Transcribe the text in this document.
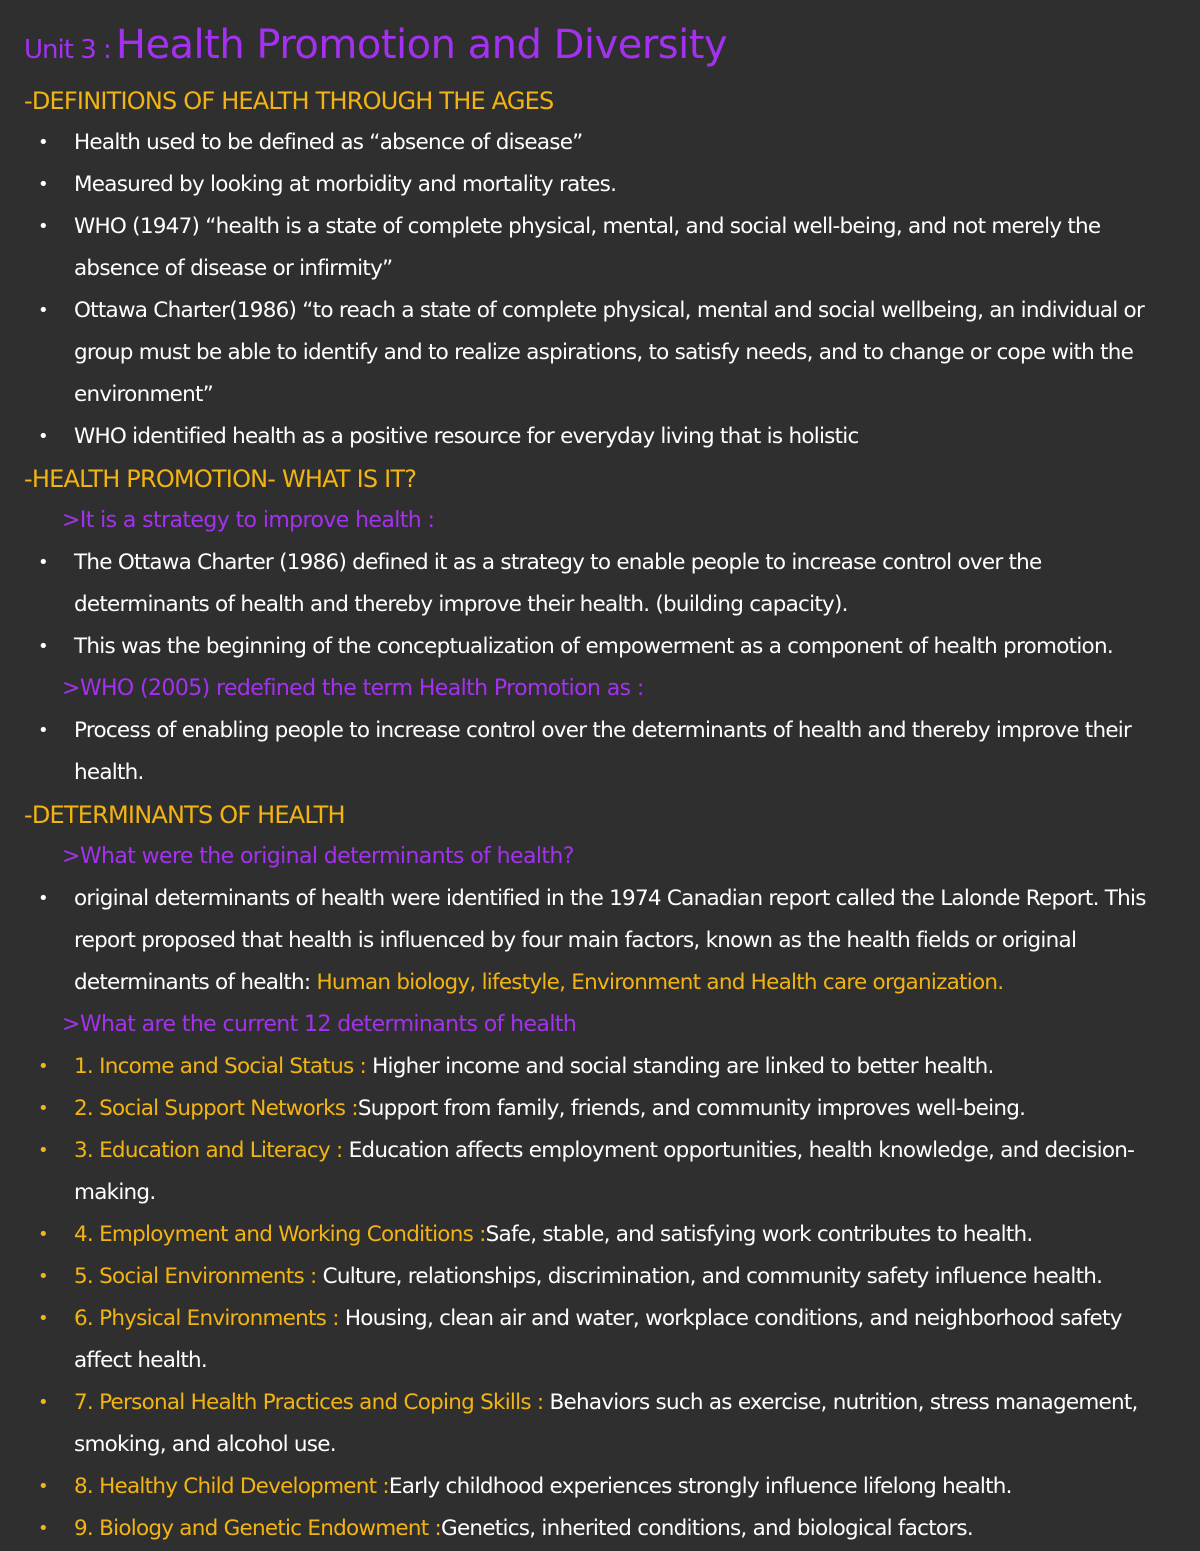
Unit 3 :
Health Promotion and Diversity
-DEFINITIONS OF HEALTH THROUGH THE AGES
• Health used to be defined as “absence of disease”
• Measured by looking at morbidity and mortality rates.
• WHO (1947) “health is a state of complete physical, mental, and social well-being, and not merely the absence of disease or infirmity”
• Ottawa Charter(1986) “to reach a state of complete physical, mental and social wellbeing, an individual or group must be able to identify and to realize aspirations, to satisfy needs, and to change or cope with the environment”
• WHO identified health as a positive resource for everyday living that is holistic
-HEALTH PROMOTION- WHAT IS IT?
>It is a strategy to improve health :
• The Ottawa Charter (1986) defined it as a strategy to enable people to increase control over the determinants of health and thereby improve their health. (building capacity).
• This was the beginning of the conceptualization of empowerment as a component of health promotion.
>WHO (2005) redefined the term Health Promotion as :
• Process of enabling people to increase control over the determinants of health and thereby improve their health.
-DETERMINANTS OF HEALTH
>What were the original determinants of health?
• original determinants of health were identified in the 1974 Canadian report called the Lalonde Report. This report proposed that health is influenced by four main factors, known as the health fields or original determinants of health: Human biology, lifestyle, Environment and Health care organization.
>What are the current 12 determinants of health
• 1. Income and Social Status : Higher income and social standing are linked to better health.
• 2. Social Support Networks :Support from family, friends, and community improves well-being.
• 3. Education and Literacy : Education affects employment opportunities, health knowledge, and decision-making.
• 4. Employment and Working Conditions :Safe, stable, and satisfying work contributes to health.
• 5. Social Environments : Culture, relationships, discrimination, and community safety influence health.
• 6. Physical Environments : Housing, clean air and water, workplace conditions, and neighborhood safety affect health.
• 7. Personal Health Practices and Coping Skills : Behaviors such as exercise, nutrition, stress management, smoking, and alcohol use.
• 8. Healthy Child Development :Early childhood experiences strongly influence lifelong health.
• 9. Biology and Genetic Endowment :Genetics, inherited conditions, and biological factors.
